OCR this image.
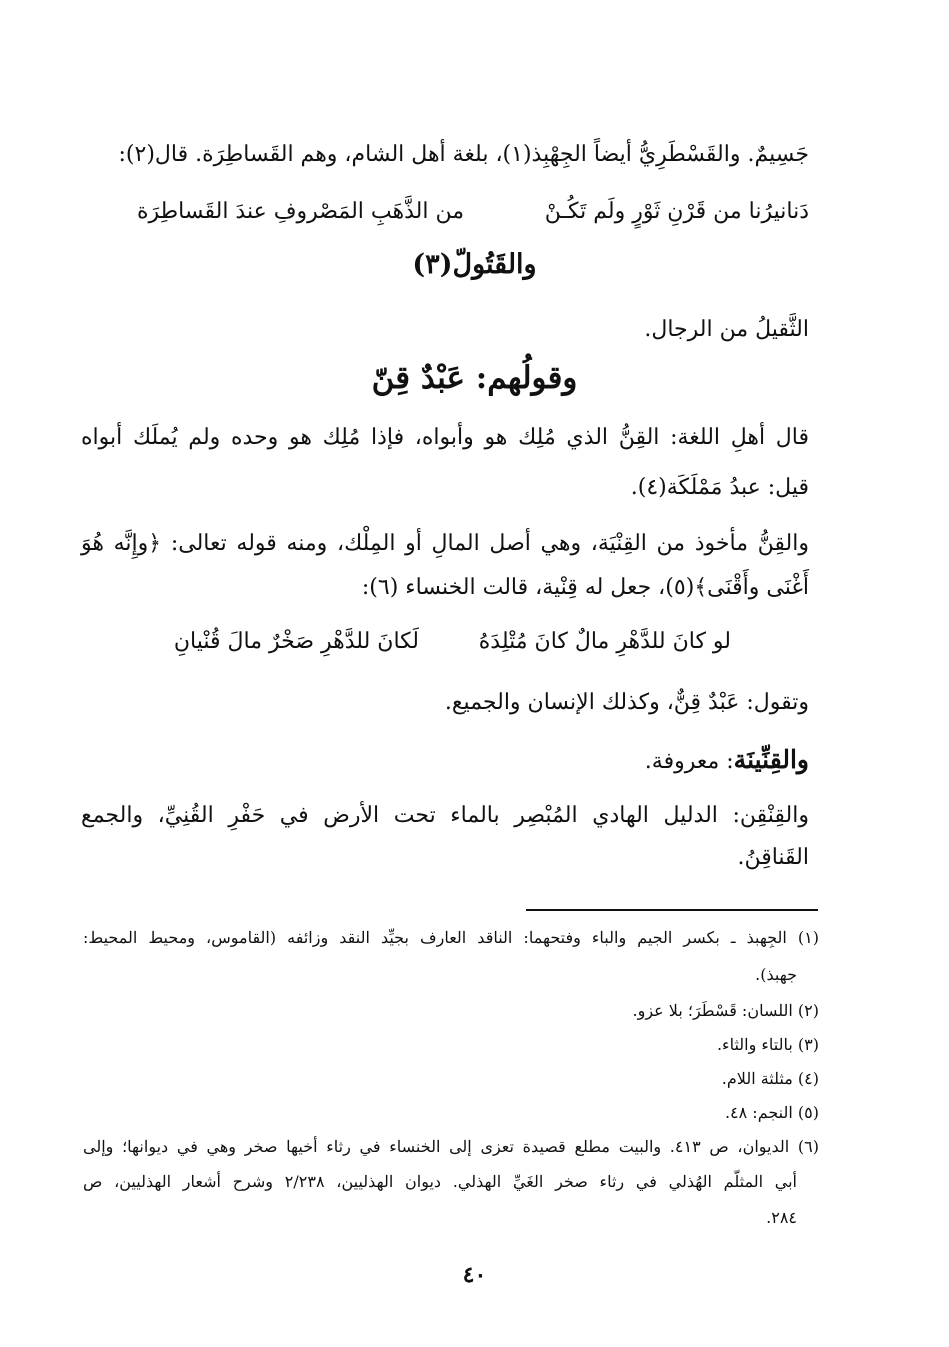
جَسِيمٌ. والقَسْطَرِيُّ أيضاً الجِهْبِذ(١)، بلغة أهل الشام، وهم القَساطِرَة. قال(٢):
دَنانيرُنا من قَرْنِ ثَوْرٍ ولَم تَكُـنْ
من الذَّهَبِ المَصْروفِ عندَ القَساطِرَة
والقَتُولّ(٣)
الثَّقيلُ من الرجال.
وقولُهم: عَبْدٌ قِنّ
قال أهلِ اللغة: القِنُّ الذي مُلِك هو وأبواه، فإذا مُلِك هو وحده ولم يُملَك أبواه
قيل: عبدُ مَمْلَكَة(٤).
والقِنُّ مأخوذ من القِنْيَة، وهي أصل المالِ أو المِلْك، ومنه قوله تعالى: ﴿وإِنَّه هُوَ
أَغْنَى وأَقْنَى﴾(٥)، جعل له قِنْية، قالت الخنساء (٦):
لو كانَ للدَّهْرِ مالٌ كانَ مُتْلِدَهُ
لَكانَ للدَّهْرِ صَخْرٌ مالَ قُنْيانِ
وتقول: عَبْدٌ قِنٌّ، وكذلك الإنسان والجميع.
والقِنِّينَة: معروفة.
والقِنْقِن: الدليل الهادي المُبْصِر بالماء تحت الأرض في حَفْرِ القُنِيِّ، والجمع
القَناقِنُ.
(١) الجِهبذ ـ بكسر الجيم والباء وفتحهما: الناقد العارف بجيِّد النقد وزائفه (القاموس، ومحيط المحيط:
جهبذ).
(٢) اللسان: قَسْطَرَ؛ بلا عزو.
(٣) بالتاء والثاء.
(٤) مثلثة اللام.
(٥) النجم: ٤٨.
(٦) الديوان، ص ٤١٣. والبيت مطلع قصيدة تعزى إلى الخنساء في رثاء أخيها صخر وهي في ديوانها؛ وإلى
أبي المثلّم الهُذلي في رثاء صخر الغَيِّ الهذلي. ديوان الهذليين، ٢/٢٣٨ وشرح أشعار الهذليين، ص
٢٨٤.
٤٠
